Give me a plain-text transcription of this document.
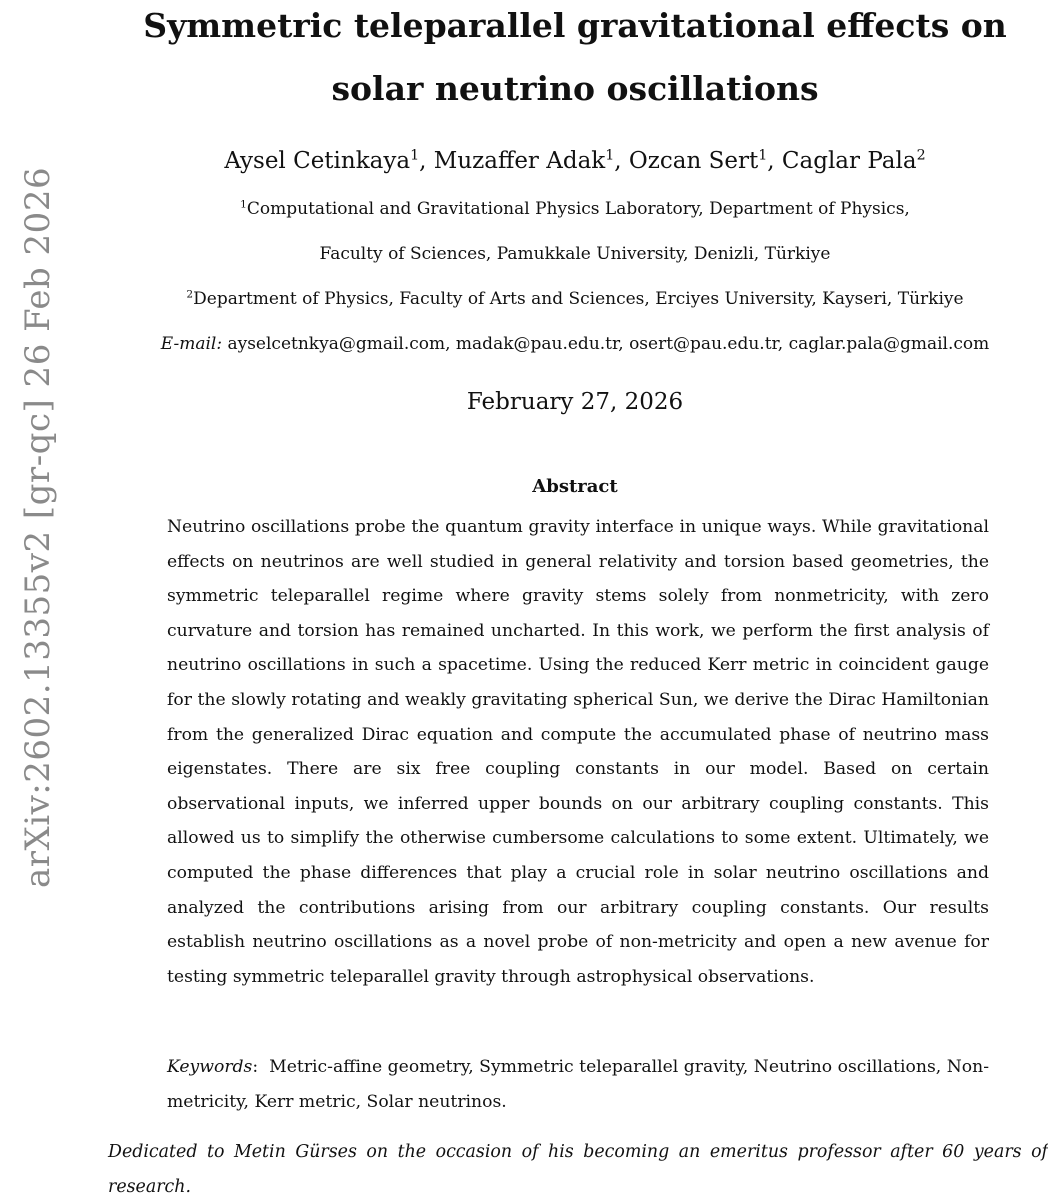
arXiv:2602.13355v2 [gr-qc] 26 Feb 2026
Symmetric teleparallel gravitational effects on
solar neutrino oscillations
Aysel Cetinkaya$^1$, Muzaffer Adak$^1$, Ozcan Sert$^1$, Caglar Pala$^2$
$^1$Computational and Gravitational Physics Laboratory, Department of Physics,
Faculty of Sciences, Pamukkale University, Denizli, Türkiye
$^2$Department of Physics, Faculty of Arts and Sciences, Erciyes University, Kayseri, Türkiye
E-mail: ayselcetnkya@gmail.com, madak@pau.edu.tr, osert@pau.edu.tr, caglar.pala@gmail.com
February 27, 2026
Abstract
Neutrino oscillations probe the quantum gravity interface in unique ways. While gravitational effects on neutrinos are well studied in general relativity and torsion based geometries, the symmetric teleparallel regime where gravity stems solely from nonmetricity, with zero curvature and torsion has remained uncharted. In this work, we perform the first analysis of neutrino oscillations in such a spacetime. Using the reduced Kerr metric in coincident gauge for the slowly rotating and weakly gravitating spherical Sun, we derive the Dirac Hamiltonian from the generalized Dirac equation and compute the accumulated phase of neutrino mass eigenstates. There are six free coupling constants in our model. Based on certain observational inputs, we inferred upper bounds on our arbitrary coupling constants. This allowed us to simplify the otherwise cumbersome calculations to some extent. Ultimately, we computed the phase differences that play a crucial role in solar neutrino oscillations and analyzed the contributions arising from our arbitrary coupling constants. Our results establish neutrino oscillations as a novel probe of non-metricity and open a new avenue for testing symmetric teleparallel gravity through astrophysical observations.
Keywords:  Metric-affine geometry, Symmetric teleparallel gravity, Neutrino oscillations, Non-metricity, Kerr metric, Solar neutrinos.
Dedicated to Metin Gürses on the occasion of his becoming an emeritus professor after 60 years of research.
